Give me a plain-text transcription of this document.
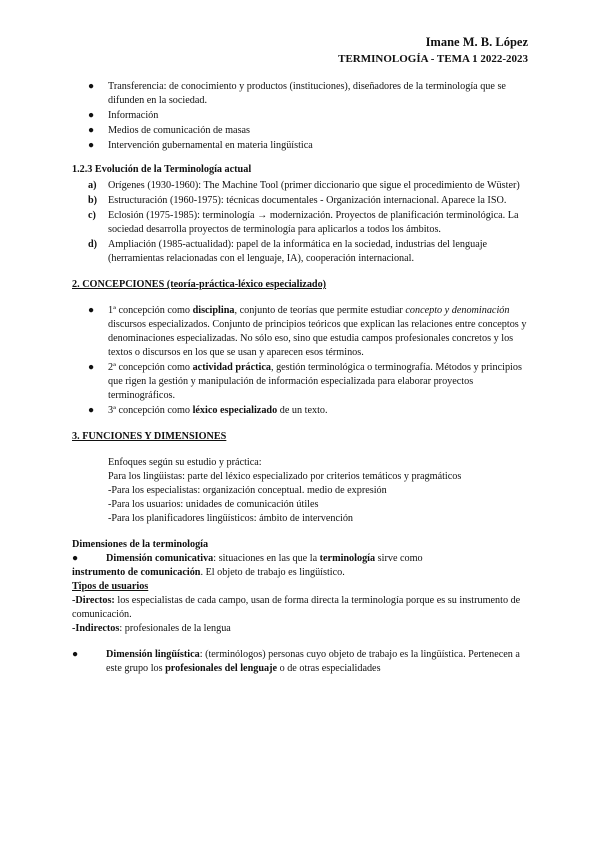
Imane M. B. López
TERMINOLOGÍA - TEMA 1 2022-2023
● Transferencia: de conocimiento y productos (instituciones), diseñadores de la terminología que se difunden en la sociedad.
● Información
● Medios de comunicación de masas
● Intervención gubernamental en materia lingüística
1.2.3 Evolución de la Terminología actual
a) Orígenes (1930-1960): The Machine Tool (primer diccionario que sigue el procedimiento de Wüster)
b) Estructuración (1960-1975): técnicas documentales - Organización internacional. Aparece la ISO.
c) Eclosión (1975-1985): terminología → modernización. Proyectos de planificación terminológica. La sociedad desarrolla proyectos de terminología para aplicarlos a todos los ámbitos.
d) Ampliación (1985-actualidad): papel de la informática en la sociedad, industrias del lenguaje (herramientas relacionadas con el lenguaje, IA), cooperación internacional.
2. CONCEPCIONES (teoría-práctica-léxico especializado)
● 1ª concepción como disciplina, conjunto de teorías que permite estudiar concepto y denominación discursos especializados. Conjunto de principios teóricos que explican las relaciones entre conceptos y denominaciones especializadas. No sólo eso, sino que estudia campos profesionales concretos y los textos o discursos en los que se usan y aparecen esos términos.
● 2ª concepción como actividad práctica, gestión terminológica o terminografía. Métodos y principios que rigen la gestión y manipulación de información especializada para elaborar proyectos terminográficos.
● 3ª concepción como léxico especializado de un texto.
3. FUNCIONES Y DIMENSIONES
Enfoques según su estudio y práctica:
Para los lingüistas: parte del léxico especializado por criterios temáticos y pragmáticos
-Para los especialistas: organización conceptual. medio de expresión
-Para los usuarios: unidades de comunicación útiles
-Para los planificadores lingüísticos: ámbito de intervención
Dimensiones de la terminología
●	Dimensión comunicativa: situaciones en las que la terminología sirve como
instrumento de comunicación. El objeto de trabajo es lingüístico.
Tipos de usuarios
-Directos: los especialistas de cada campo, usan de forma directa la terminología porque es su instrumento de comunicación.
-Indirectos: profesionales de la lengua
●	Dimensión lingüística: (terminólogos) personas cuyo objeto de trabajo es la lingüística. Pertenecen a este grupo los profesionales del lenguaje o de otras especialidades
